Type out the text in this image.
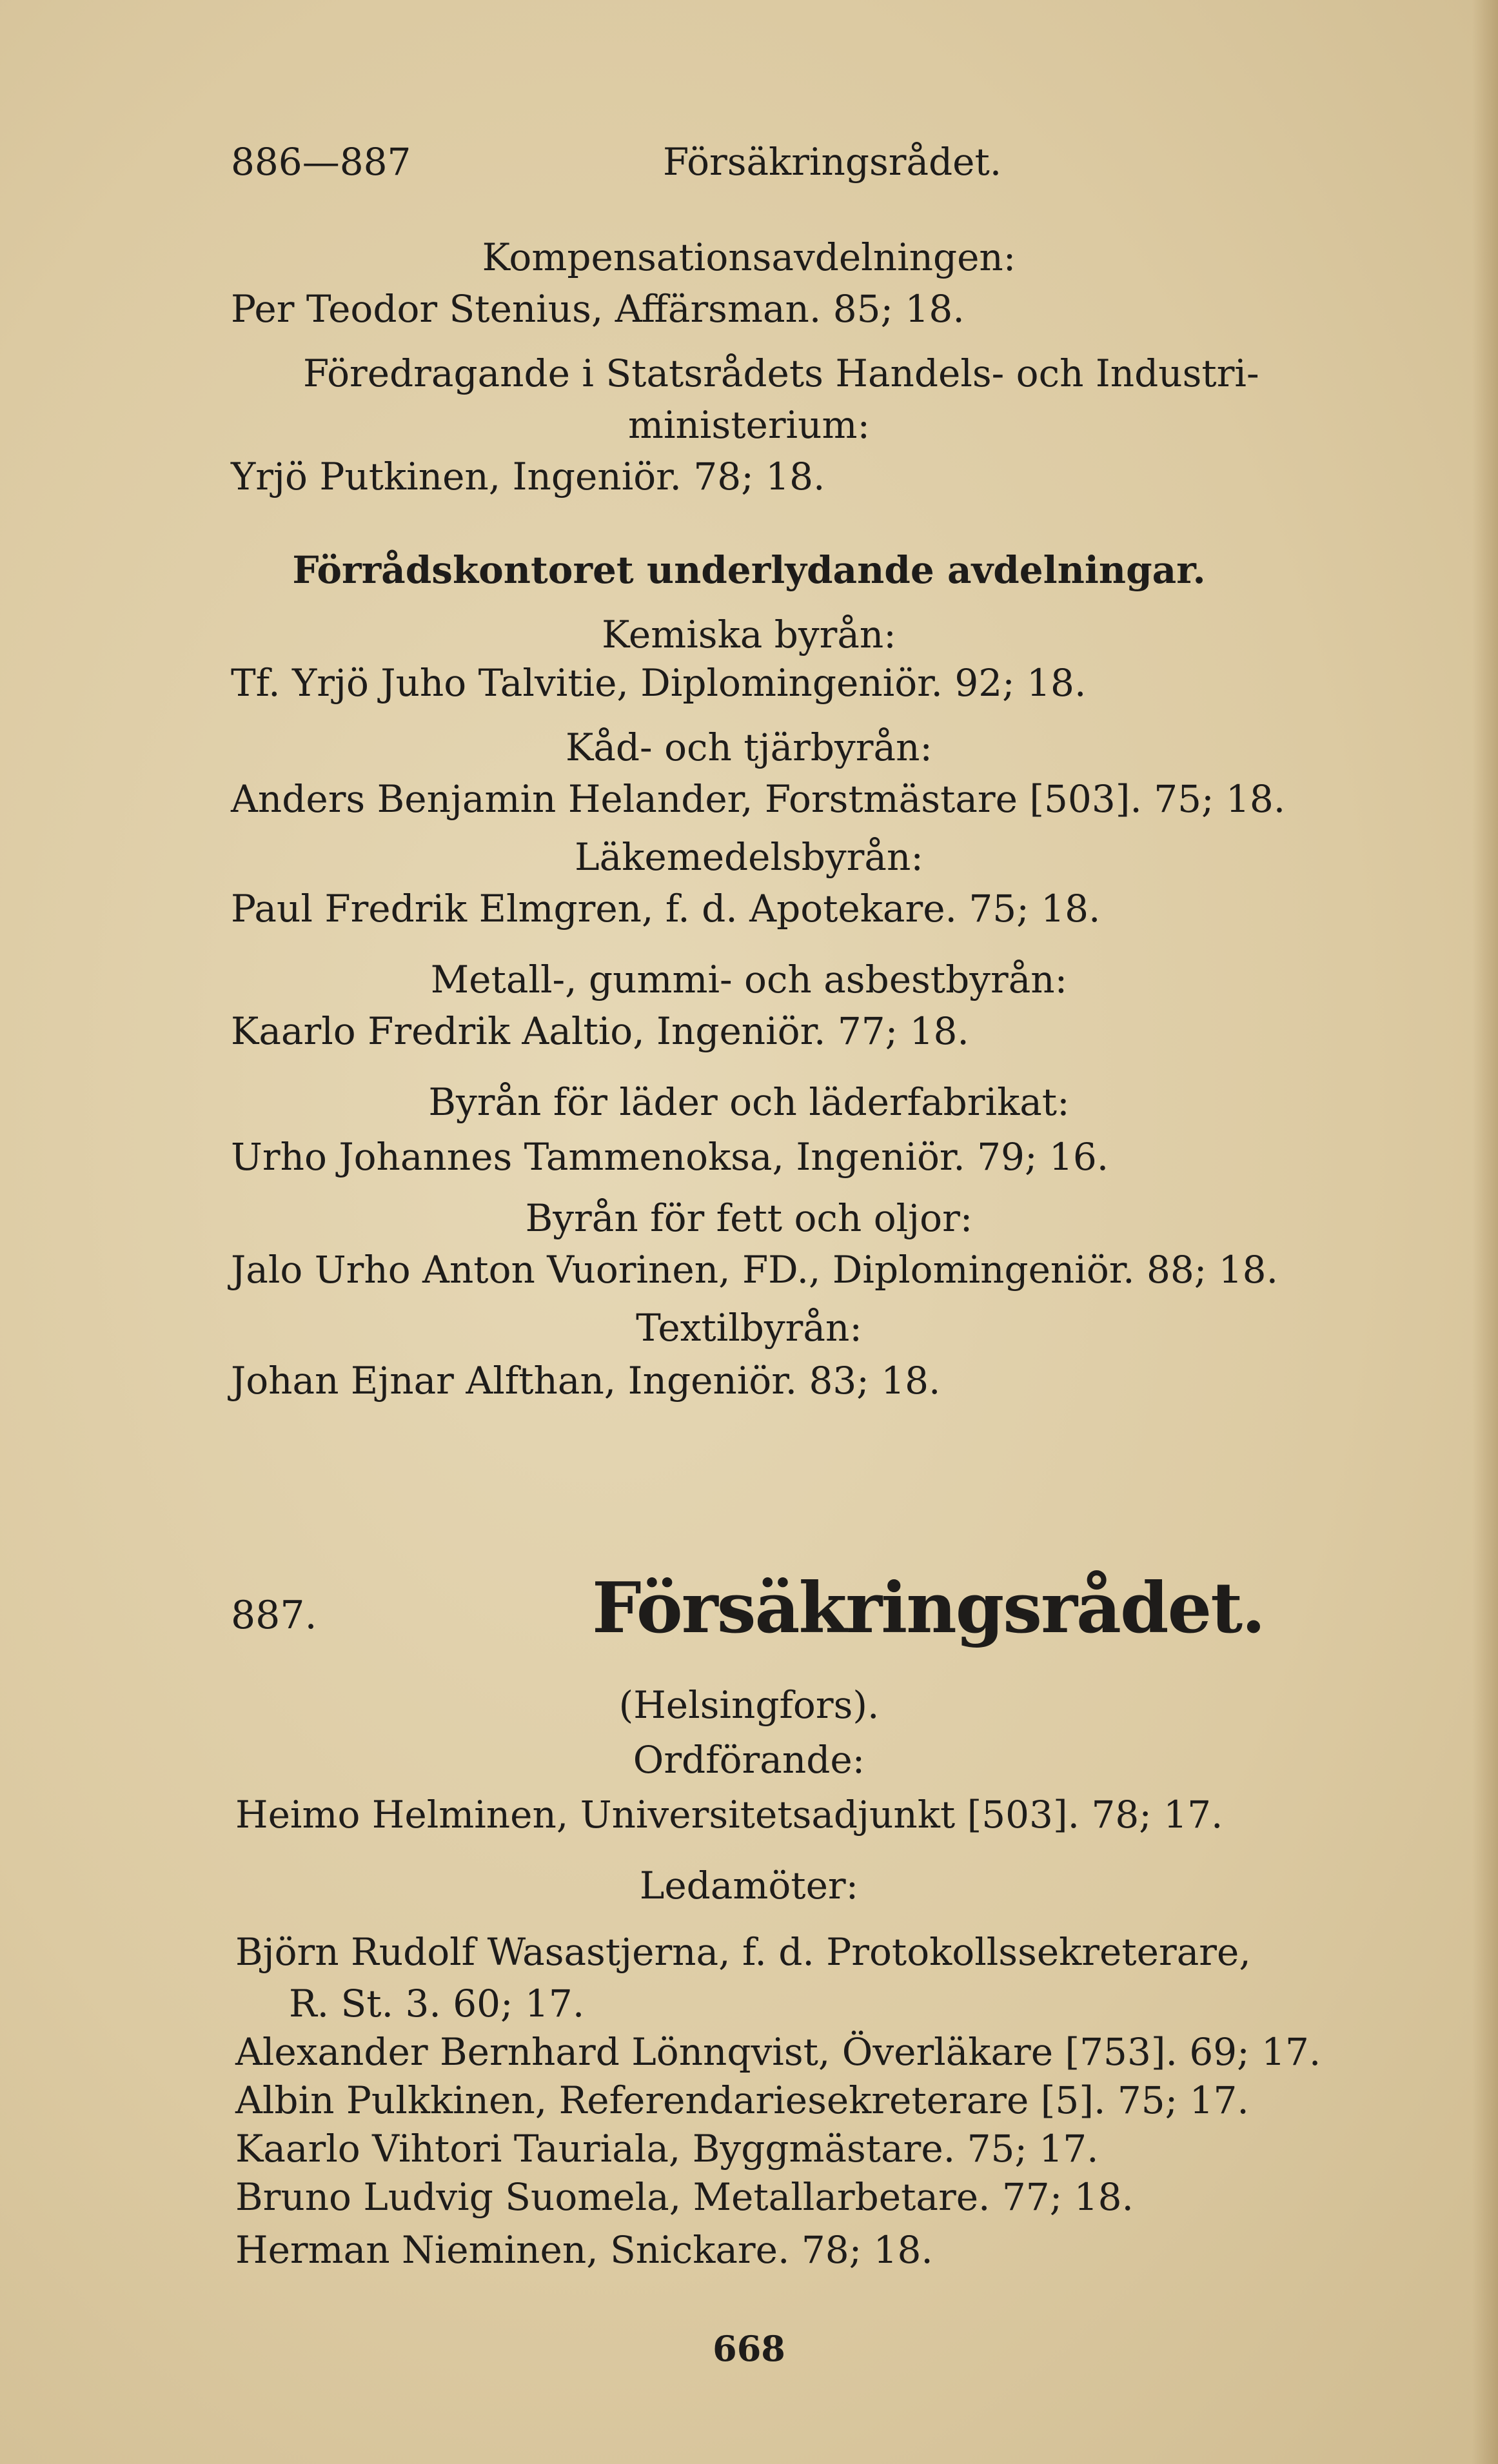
886—887	Försäkringsrådet.
Kompensationsavdelningen:
Per Teodor Stenius, Affärsman. 85; 18.
Föredragande i Statsrådets Handels- och Industri-
ministerium:
Yrjö Putkinen, Ingeniör. 78; 18.
Förrådskontoret underlydande avdelningar.
Kemiska byrån:
Tf. Yrjö Juho Talvitie, Diplomingeniör. 92; 18.
Kåd- och tjärbyrån:
Anders Benjamin Helander, Forstmästare [503]. 75; 18.
Läkemedelsbyrån:
Paul Fredrik Elmgren, f. d. Apotekare. 75; 18.
Metall-, gummi- och asbestbyrån:
Kaarlo Fredrik Aaltio, Ingeniör. 77; 18.
Byrån för läder och läderfabrikat:
Urho Johannes Tammenoksa, Ingeniör. 79; 16.
Byrån för fett och oljor:
Jalo Urho Anton Vuorinen, FD., Diplomingeniör. 88; 18.
Textilbyrån:
Johan Ejnar Alfthan, Ingeniör. 83; 18.
887.	Försäkringsrådet.
(Helsingfors).
Ordförande:
Heimo Helminen, Universitetsadjunkt [503]. 78; 17.
Ledamöter:
Björn Rudolf Wasastjerna, f. d. Protokollssekreterare,
R. St. 3. 60; 17.
Alexander Bernhard Lönnqvist, Överläkare [753]. 69; 17.
Albin Pulkkinen, Referendariesekreterare [5]. 75; 17.
Kaarlo Vihtori Tauriala, Byggmästare. 75; 17.
Bruno Ludvig Suomela, Metallarbetare. 77; 18.
Herman Nieminen, Snickare. 78; 18.
668
